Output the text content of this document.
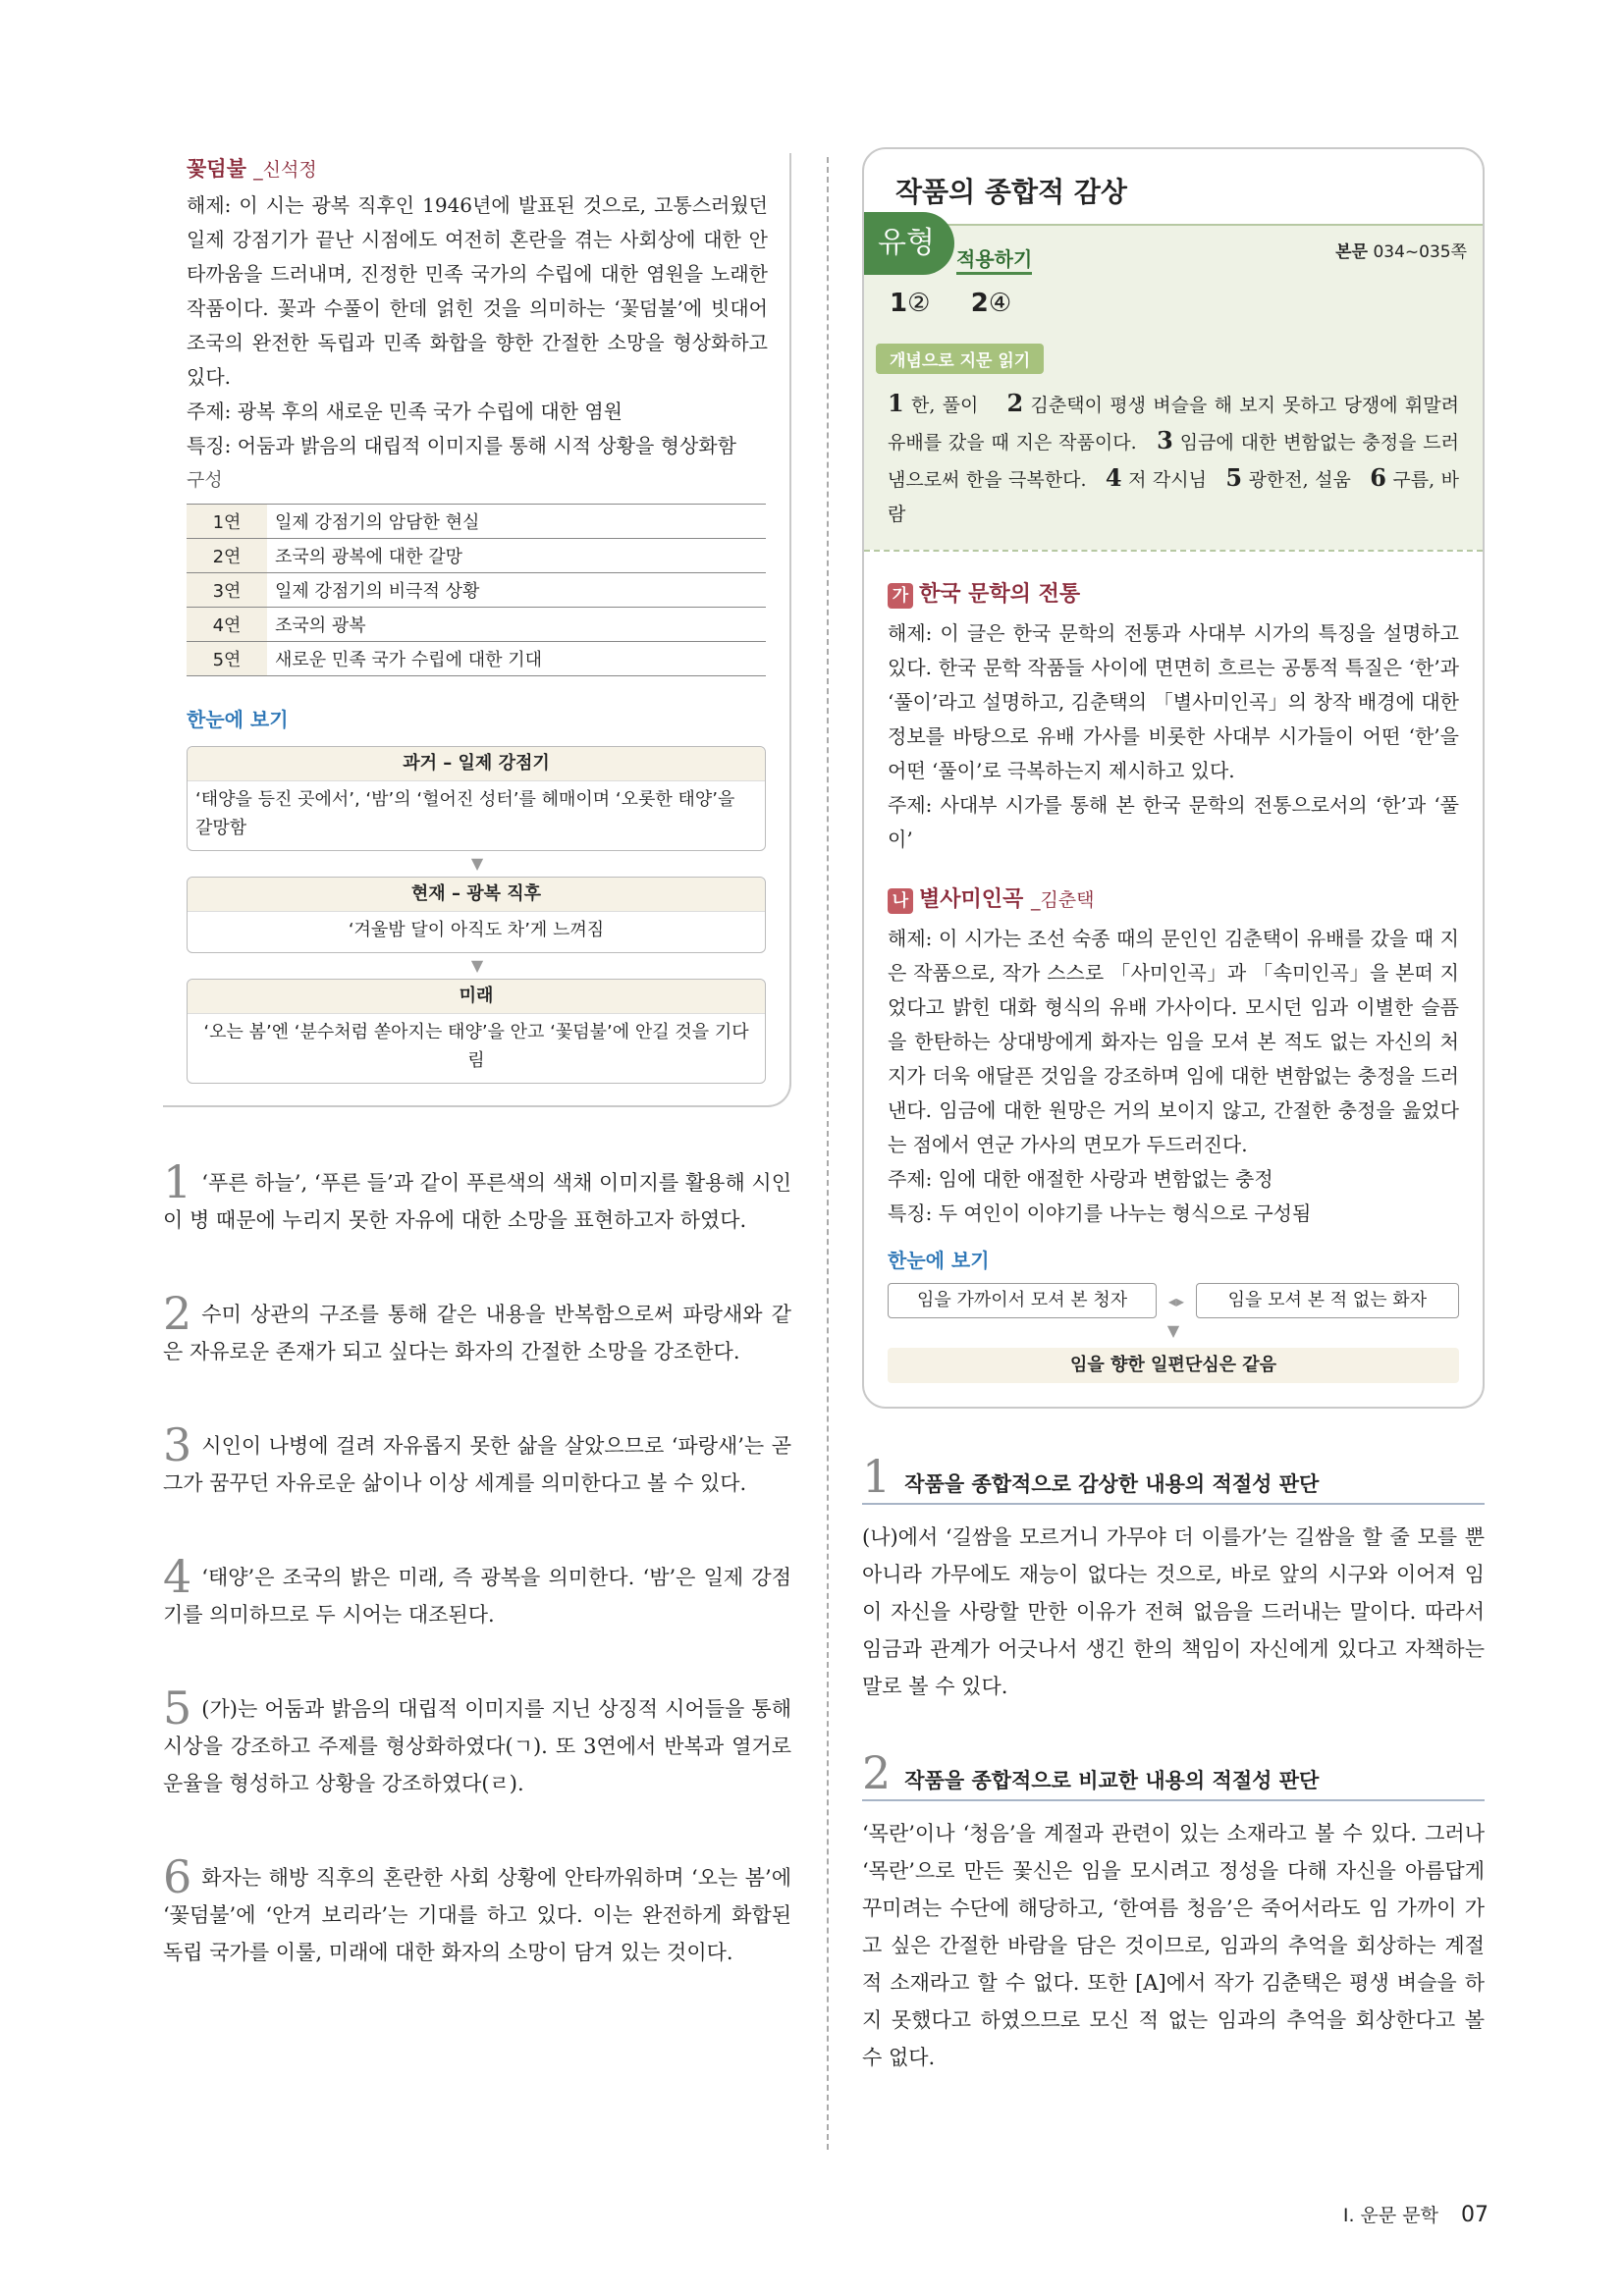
꽃덤불 _신석정

해제: 이 시는 광복 직후인 1946년에 발표된 것으로, 고통스러웠던 일제 강점기가 끝난 시점에도 여전히 혼란을 겪는 사회상에 대한 안타까움을 드러내며, 진정한 민족 국가의 수립에 대한 염원을 노래한 작품이다. 꽃과 수풀이 한데 얽힌 것을 의미하는 ‘꽃덤불’에 빗대어 조국의 완전한 독립과 민족 화합을 향한 간절한 소망을 형상화하고 있다.

주제: 광복 후의 새로운 민족 국가 수립에 대한 염원

특징: 어둠과 밝음의 대립적 이미지를 통해 시적 상황을 형상화함

구성
1연	일제 강점기의 암담한 현실
2연	조국의 광복에 대한 갈망
3연	일제 강점기의 비극적 상황
4연	조국의 광복
5연	새로운 민족 국가 수립에 대한 기대
한눈에 보기
과거 – 일제 강점기
‘태양을 등진 곳에서’, ‘밤’의 ‘헐어진 성터’를 헤매이며 ‘오롯한 태양’을 갈망함
▼
현재 – 광복 직후
‘겨울밤 달이 아직도 차’게 느껴짐
▼
미래
‘오는 봄’엔 ‘분수처럼 쏟아지는 태양’을 안고 ‘꽃덤불’에 안길 것을 기다림
1 ‘푸른 하늘’, ‘푸른 들’과 같이 푸른색의 색채 이미지를 활용해 시인이 병 때문에 누리지 못한 자유에 대한 소망을 표현하고자 하였다.
2 수미 상관의 구조를 통해 같은 내용을 반복함으로써 파랑새와 같은 자유로운 존재가 되고 싶다는 화자의 간절한 소망을 강조한다.
3 시인이 나병에 걸려 자유롭지 못한 삶을 살았으므로 ‘파랑새’는 곧 그가 꿈꾸던 자유로운 삶이나 이상 세계를 의미한다고 볼 수 있다.
4 ‘태양’은 조국의 밝은 미래, 즉 광복을 의미한다. ‘밤’은 일제 강점기를 의미하므로 두 시어는 대조된다.
5 (가)는 어둠과 밝음의 대립적 이미지를 지닌 상징적 시어들을 통해 시상을 강조하고 주제를 형상화하였다(ㄱ). 또 3연에서 반복과 열거로 운율을 형성하고 상황을 강조하였다(ㄹ).
6 화자는 해방 직후의 혼란한 사회 상황에 안타까워하며 ‘오는 봄’에 ‘꽃덤불’에 ‘안겨 보리라’는 기대를 하고 있다. 이는 완전하게 화합된 독립 국가를 이룰, 미래에 대한 화자의 소망이 담겨 있는 것이다.
작품의 종합적 감상
유형	적용하기	본문 034~035쪽
1② 2④
개념으로 지문 읽기
1 한, 풀이 2 김춘택이 평생 벼슬을 해 보지 못하고 당쟁에 휘말려 유배를 갔을 때 지은 작품이다. 3 임금에 대한 변함없는 충정을 드러냄으로써 한을 극복한다. 4 저 각시님 5 광한전, 설움 6 구름, 바람
가 한국 문학의 전통

해제: 이 글은 한국 문학의 전통과 사대부 시가의 특징을 설명하고 있다. 한국 문학 작품들 사이에 면면히 흐르는 공통적 특질은 ‘한’과 ‘풀이’라고 설명하고, 김춘택의 「별사미인곡」의 창작 배경에 대한 정보를 바탕으로 유배 가사를 비롯한 사대부 시가들이 어떤 ‘한’을 어떤 ‘풀이’로 극복하는지 제시하고 있다.

주제: 사대부 시가를 통해 본 한국 문학의 전통으로서의 ‘한’과 ‘풀이’

나 별사미인곡 _김춘택

해제: 이 시가는 조선 숙종 때의 문인인 김춘택이 유배를 갔을 때 지은 작품으로, 작가 스스로 「사미인곡」과 「속미인곡」을 본떠 지었다고 밝힌 대화 형식의 유배 가사이다. 모시던 임과 이별한 슬픔을 한탄하는 상대방에게 화자는 임을 모셔 본 적도 없는 자신의 처지가 더욱 애달픈 것임을 강조하며 임에 대한 변함없는 충정을 드러낸다. 임금에 대한 원망은 거의 보이지 않고, 간절한 충정을 읊었다는 점에서 연군 가사의 면모가 두드러진다.

주제: 임에 대한 애절한 사랑과 변함없는 충정

특징: 두 여인이 이야기를 나누는 형식으로 구성됨

한눈에 보기
임을 가까이서 모셔 본 청자	◂▸	임을 모셔 본 적 없는 화자
▼
임을 향한 일편단심은 같음
1 작품을 종합적으로 감상한 내용의 적절성 판단
(나)에서 ‘길쌈을 모르거니 가무야 더 이를가’는 길쌈을 할 줄 모를 뿐 아니라 가무에도 재능이 없다는 것으로, 바로 앞의 시구와 이어져 임이 자신을 사랑할 만한 이유가 전혀 없음을 드러내는 말이다. 따라서 임금과 관계가 어긋나서 생긴 한의 책임이 자신에게 있다고 자책하는 말로 볼 수 있다.
2 작품을 종합적으로 비교한 내용의 적절성 판단
‘목란’이나 ‘청음’을 계절과 관련이 있는 소재라고 볼 수 있다. 그러나 ‘목란’으로 만든 꽃신은 임을 모시려고 정성을 다해 자신을 아름답게 꾸미려는 수단에 해당하고, ‘한여름 청음’은 죽어서라도 임 가까이 가고 싶은 간절한 바람을 담은 것이므로, 임과의 추억을 회상하는 계절적 소재라고 할 수 없다. 또한 [A]에서 작가 김춘택은 평생 벼슬을 하지 못했다고 하였으므로 모신 적 없는 임과의 추억을 회상한다고 볼 수 없다.
I. 운문 문학 07
